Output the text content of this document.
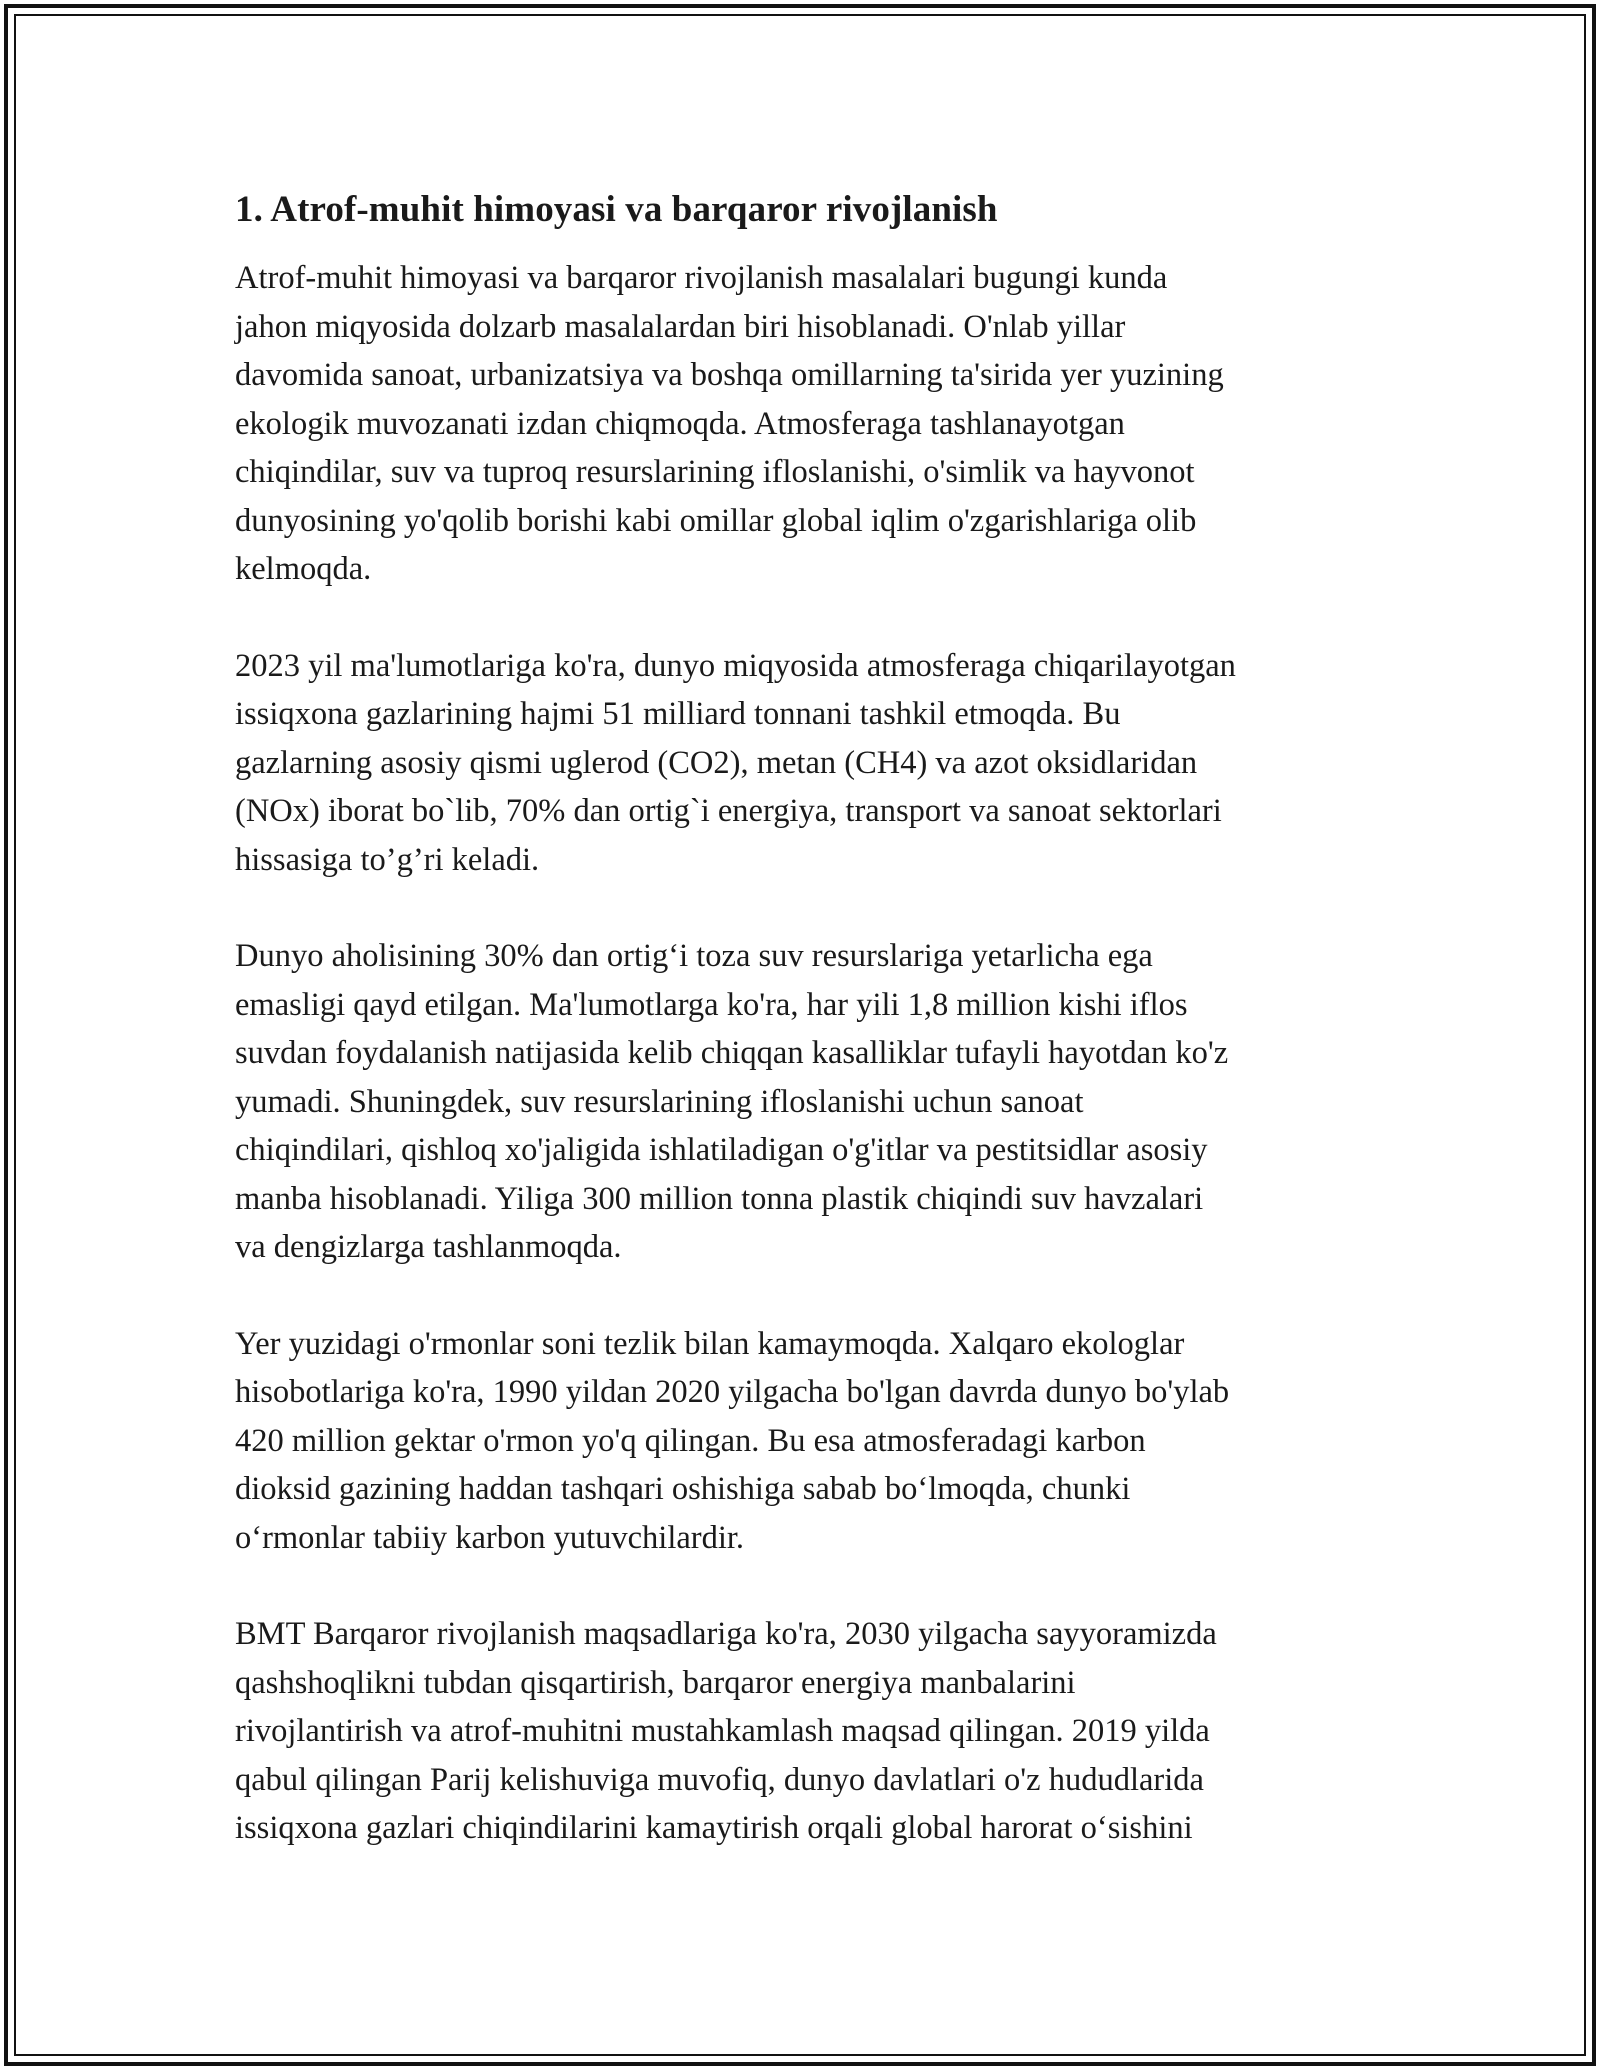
1. Atrof-muhit himoyasi va barqaror rivojlanish

Atrof-muhit himoyasi va barqaror rivojlanish masalalari bugungi kunda
jahon miqyosida dolzarb masalalardan biri hisoblanadi. O'nlab yillar
davomida sanoat, urbanizatsiya va boshqa omillarning ta'sirida yer yuzining
ekologik muvozanati izdan chiqmoqda. Atmosferaga tashlanayotgan
chiqindilar, suv va tuproq resurslarining ifloslanishi, o'simlik va hayvonot
dunyosining yo'qolib borishi kabi omillar global iqlim o'zgarishlariga olib
kelmoqda.

2023 yil ma'lumotlariga ko'ra, dunyo miqyosida atmosferaga chiqarilayotgan
issiqxona gazlarining hajmi 51 milliard tonnani tashkil etmoqda. Bu
gazlarning asosiy qismi uglerod (CO2), metan (CH4) va azot oksidlaridan
(NOx) iborat bo`lib, 70% dan ortig`i energiya, transport va sanoat sektorlari
hissasiga to’g’ri keladi.

Dunyo aholisining 30% dan ortig‘i toza suv resurslariga yetarlicha ega
emasligi qayd etilgan. Ma'lumotlarga ko'ra, har yili 1,8 million kishi iflos
suvdan foydalanish natijasida kelib chiqqan kasalliklar tufayli hayotdan ko'z
yumadi. Shuningdek, suv resurslarining ifloslanishi uchun sanoat
chiqindilari, qishloq xo'jaligida ishlatiladigan o'g'itlar va pestitsidlar asosiy
manba hisoblanadi. Yiliga 300 million tonna plastik chiqindi suv havzalari
va dengizlarga tashlanmoqda.

Yer yuzidagi o'rmonlar soni tezlik bilan kamaymoqda. Xalqaro ekologlar
hisobotlariga ko'ra, 1990 yildan 2020 yilgacha bo'lgan davrda dunyo bo'ylab
420 million gektar o'rmon yo'q qilingan. Bu esa atmosferadagi karbon
dioksid gazining haddan tashqari oshishiga sabab bo‘lmoqda, chunki
o‘rmonlar tabiiy karbon yutuvchilardir.

BMT Barqaror rivojlanish maqsadlariga ko'ra, 2030 yilgacha sayyoramizda
qashshoqlikni tubdan qisqartirish, barqaror energiya manbalarini
rivojlantirish va atrof-muhitni mustahkamlash maqsad qilingan. 2019 yilda
qabul qilingan Parij kelishuviga muvofiq, dunyo davlatlari o'z hududlarida
issiqxona gazlari chiqindilarini kamaytirish orqali global harorat o‘sishini
